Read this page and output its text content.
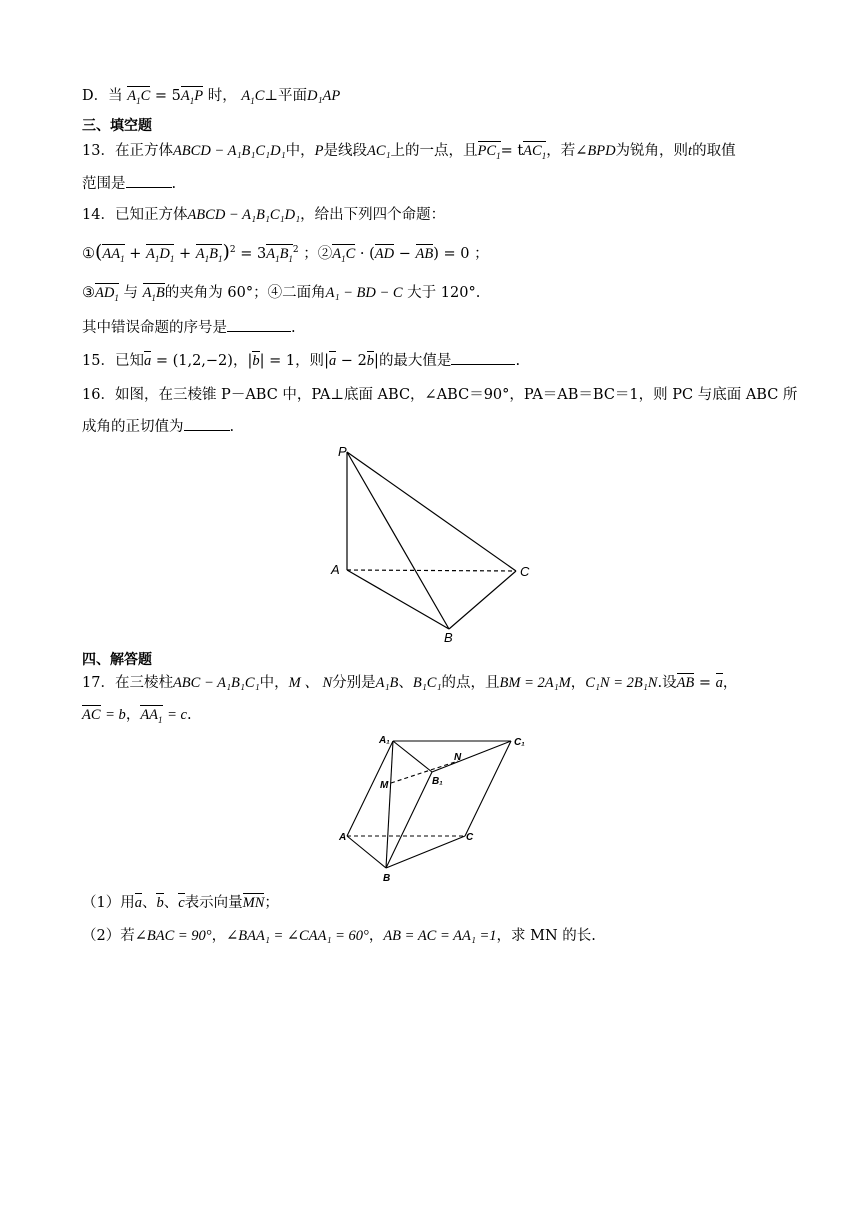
D．当 $A_1C = 5A_1P$ 时， $A_1C\perp$平面D₁AP
三、填空题
13．在正方体ABCD − A₁B₁C₁D₁中，P是线段AC₁上的一点，且$PC_1= tAC_1$，若∠BPD为锐角，则t的取值
范围是	.
14．已知正方体ABCD − A₁B₁C₁D₁，给出下列四个命题：
$①(AA_1 + A_1D_1 + A_1B_1)^2 = 3A_1B_1^2$ ；$②A_1C \cdot (AD - AB) = 0$ ；
$③AD_1$ 与 $A_1B$的夹角为 60°；④二面角A₁ − BD − C 大于 120°.
其中错误命题的序号是	.
15．已知a = (1,2,−2)，|b| = 1，则|a − 2b|的最大值是	.
16．如图，在三棱锥 P－ABC 中，PA⊥底面 ABC，∠ABC＝90°，PA＝AB＝BC＝1，则 PC 与底面 ABC 所
成角的正切值为	.
P
A	C
B
四、解答题
17．在三棱柱ABC − A₁B₁C₁中，M 、 N分别是A₁B、B₁C₁的点，且BM = 2A₁M，C₁N = 2B₁N.设AB = a，
AC = b，$AA_1 = c$.
A₁	C₁
B₁
N
M
A	C
B
（1）用a、b、c表示向量MN；
（2）若∠BAC = 90°，∠BAA₁ = ∠CAA₁ = 60°，AB = AC = AA₁ =1，求 MN 的长.
